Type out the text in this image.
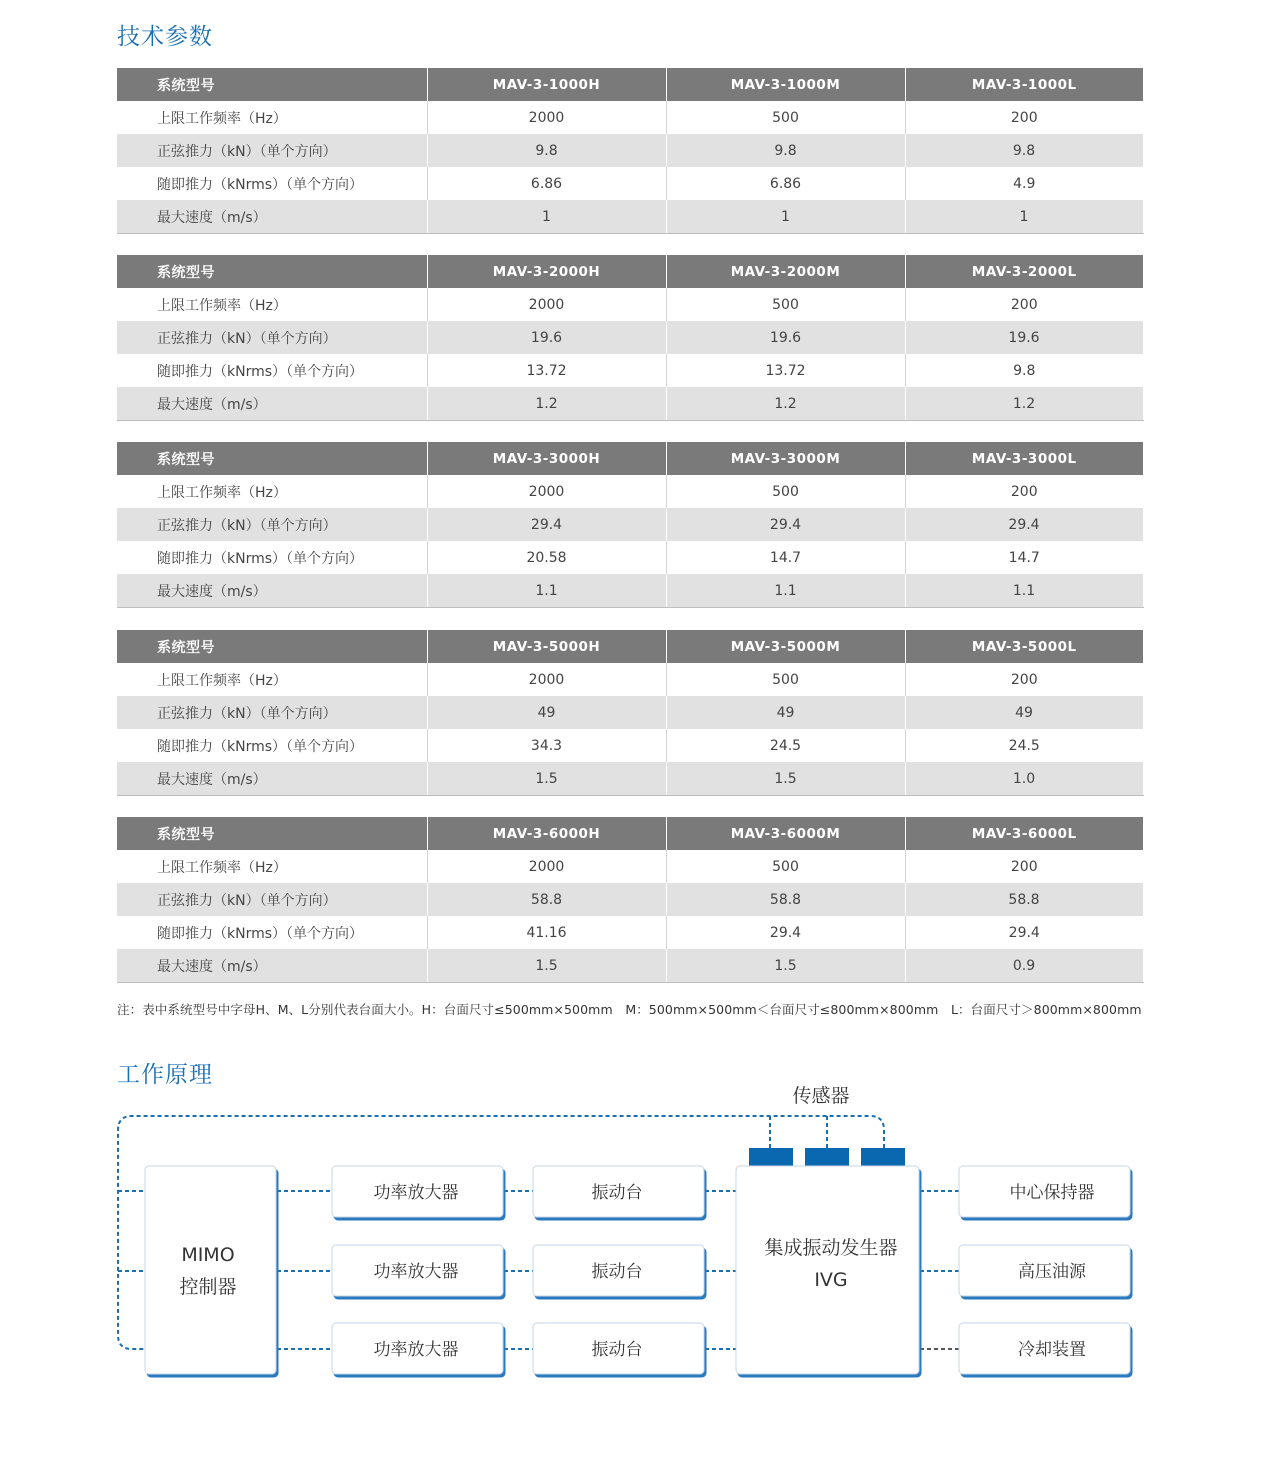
技术参数
系统型号	MAV-3-1000H	MAV-3-1000M	MAV-3-1000L
上限工作频率（Hz）	2000	500	200
正弦推力（kN）（单个方向）	9.8	9.8	9.8
随即推力（kNrms）（单个方向）	6.86	6.86	4.9
最大速度（m/s）	1	1	1
系统型号	MAV-3-2000H	MAV-3-2000M	MAV-3-2000L
上限工作频率（Hz）	2000	500	200
正弦推力（kN）（单个方向）	19.6	19.6	19.6
随即推力（kNrms）（单个方向）	13.72	13.72	9.8
最大速度（m/s）	1.2	1.2	1.2
系统型号	MAV-3-3000H	MAV-3-3000M	MAV-3-3000L
上限工作频率（Hz）	2000	500	200
正弦推力（kN）（单个方向）	29.4	29.4	29.4
随即推力（kNrms）（单个方向）	20.58	14.7	14.7
最大速度（m/s）	1.1	1.1	1.1
系统型号	MAV-3-5000H	MAV-3-5000M	MAV-3-5000L
上限工作频率（Hz）	2000	500	200
正弦推力（kN）（单个方向）	49	49	49
随即推力（kNrms）（单个方向）	34.3	24.5	24.5
最大速度（m/s）	1.5	1.5	1.0
系统型号	MAV-3-6000H	MAV-3-6000M	MAV-3-6000L
上限工作频率（Hz）	2000	500	200
正弦推力（kN）（单个方向）	58.8	58.8	58.8
随即推力（kNrms）（单个方向）	41.16	29.4	29.4
最大速度（m/s）	1.5	1.5	0.9

注：表中系统型号中字母H、M、L分别代表台面大小。H：台面尺寸≤500mm×500mm　M：500mm×500mm＜台面尺寸≤800mm×800mm　L：台面尺寸＞800mm×800mm

工作原理
传感器
MIMO
控制器
功率放大器
功率放大器
功率放大器
振动台
振动台
振动台
集成振动发生器
IVG
中心保持器
高压油源
冷却装置
